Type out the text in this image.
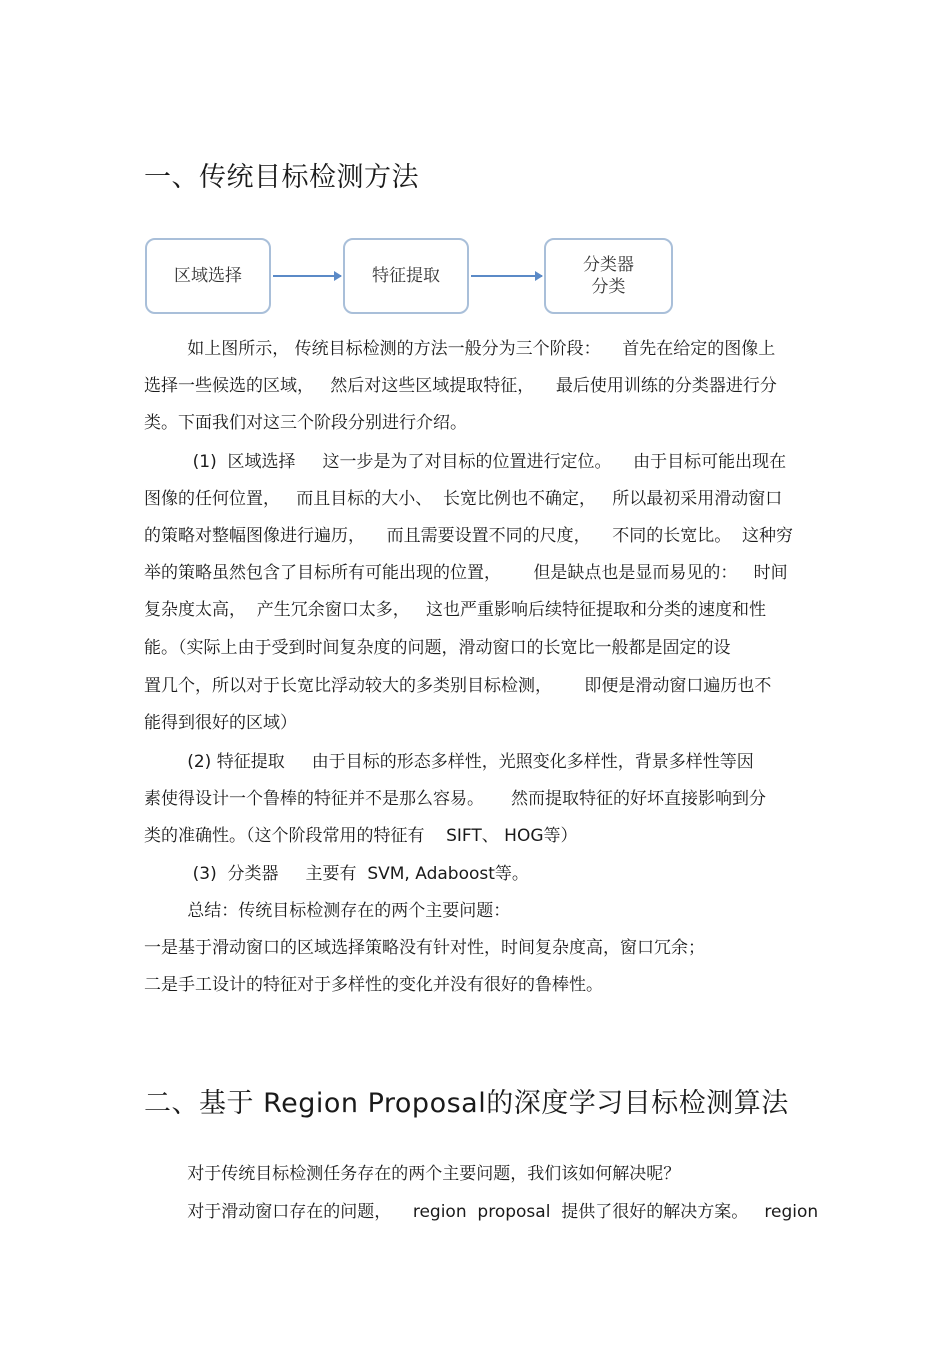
一、传统目标检测方法
区域选择	特征提取
分类器
分类

如上图所示， 传统目标检测的方法一般分为三个阶段：    首先在给定的图像上

选择一些候选的区域，   然后对这些区域提取特征，    最后使用训练的分类器进行分

类。下面我们对这三个阶段分别进行介绍。

(1)  区域选择     这一步是为了对目标的位置进行定位。    由于目标可能出现在

图像的任何位置，   而且目标的大小、  长宽比例也不确定，   所以最初采用滑动窗口

的策略对整幅图像进行遍历，    而且需要设置不同的尺度，    不同的长宽比。  这种穷

举的策略虽然包含了目标所有可能出现的位置，      但是缺点也是显而易见的：   时间

复杂度太高，  产生冗余窗口太多，   这也严重影响后续特征提取和分类的速度和性

能。（实际上由于受到时间复杂度的问题，滑动窗口的长宽比一般都是固定的设

置几个，所以对于长宽比浮动较大的多类别目标检测，      即便是滑动窗口遍历也不

能得到很好的区域）

(2) 特征提取     由于目标的形态多样性，光照变化多样性，背景多样性等因

素使得设计一个鲁棒的特征并不是那么容易。     然而提取特征的好坏直接影响到分

类的准确性。（这个阶段常用的特征有    SIFT、 HOG等）

(3)  分类器     主要有  SVM, Adaboost等。

总结：传统目标检测存在的两个主要问题：

一是基于滑动窗口的区域选择策略没有针对性，时间复杂度高，窗口冗余；

二是手工设计的特征对于多样性的变化并没有很好的鲁棒性。

二、基于 Region Proposal的深度学习目标检测算法

对于传统目标检测任务存在的两个主要问题，我们该如何解决呢？

对于滑动窗口存在的问题，    region  proposal  提供了很好的解决方案。   region
